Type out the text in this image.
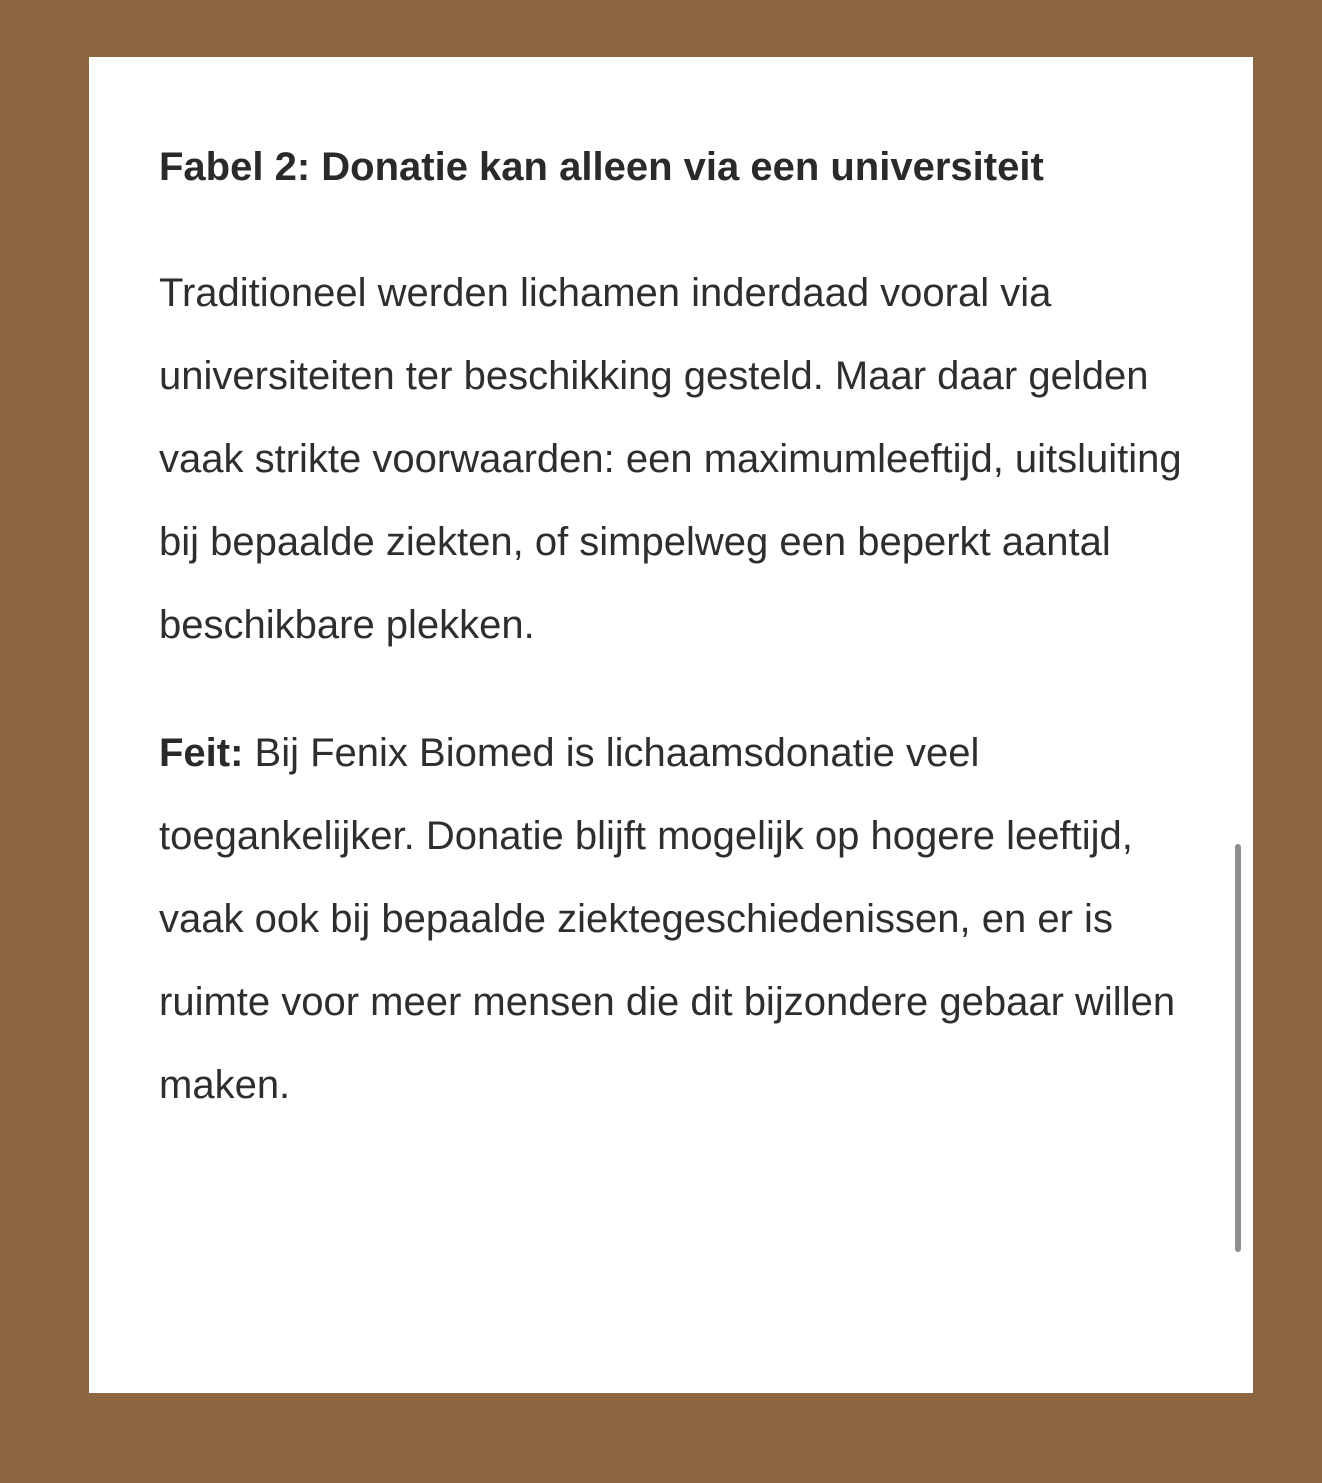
Fabel 2: Donatie kan alleen via een universiteit

Traditioneel werden lichamen inderdaad vooral via universiteiten ter beschikking gesteld. Maar daar gelden vaak strikte voorwaarden: een maximumleeftijd, uitsluiting bij bepaalde ziekten, of simpelweg een beperkt aantal beschikbare plekken.

Feit: Bij Fenix Biomed is lichaamsdonatie veel toegankelijker. Donatie blijft mogelijk op hogere leeftijd, vaak ook bij bepaalde ziektegeschiedenissen, en er is ruimte voor meer mensen die dit bijzondere gebaar willen maken.
